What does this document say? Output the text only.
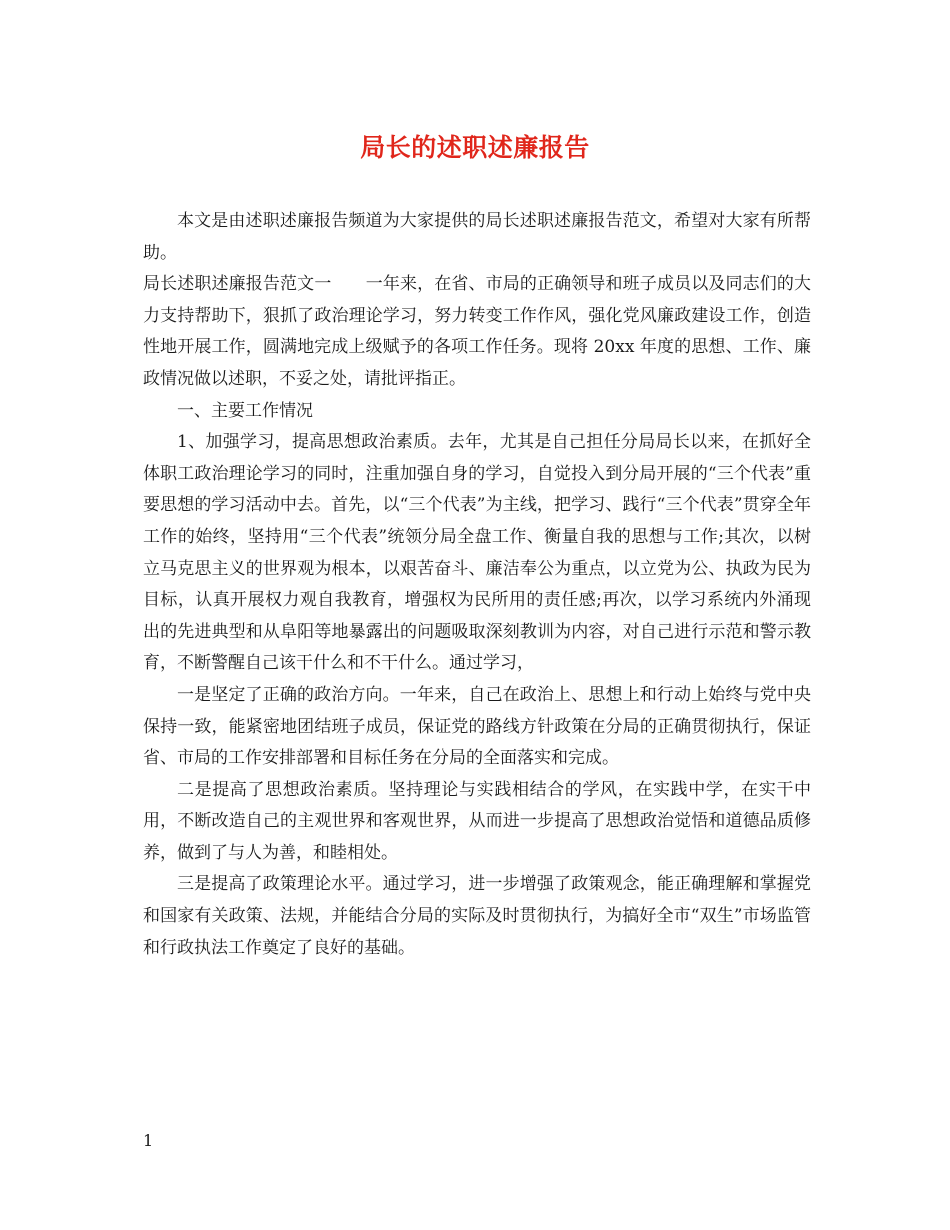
局长的述职述廉报告

本文是由述职述廉报告频道为大家提供的局长述职述廉报告范文，希望对大家有所帮助。

局长述职述廉报告范文一　　一年来，在省、市局的正确领导和班子成员以及同志们的大力支持帮助下，狠抓了政治理论学习，努力转变工作作风，强化党风廉政建设工作，创造性地开展工作，圆满地完成上级赋予的各项工作任务。现将 20xx 年度的思想、工作、廉政情况做以述职，不妥之处，请批评指正。

一、主要工作情况

1、加强学习，提高思想政治素质。去年，尤其是自己担任分局局长以来，在抓好全体职工政治理论学习的同时，注重加强自身的学习，自觉投入到分局开展的“三个代表”重要思想的学习活动中去。首先，以“三个代表”为主线，把学习、践行“三个代表”贯穿全年工作的始终，坚持用“三个代表”统领分局全盘工作、衡量自我的思想与工作;其次，以树立马克思主义的世界观为根本，以艰苦奋斗、廉洁奉公为重点，以立党为公、执政为民为目标，认真开展权力观自我教育，增强权为民所用的责任感;再次，以学习系统内外涌现出的先进典型和从阜阳等地暴露出的问题吸取深刻教训为内容，对自己进行示范和警示教育，不断警醒自己该干什么和不干什么。通过学习，

一是坚定了正确的政治方向。一年来，自己在政治上、思想上和行动上始终与党中央保持一致，能紧密地团结班子成员，保证党的路线方针政策在分局的正确贯彻执行，保证省、市局的工作安排部署和目标任务在分局的全面落实和完成。

二是提高了思想政治素质。坚持理论与实践相结合的学风，在实践中学，在实干中用，不断改造自己的主观世界和客观世界，从而进一步提高了思想政治觉悟和道德品质修养，做到了与人为善，和睦相处。

三是提高了政策理论水平。通过学习，进一步增强了政策观念，能正确理解和掌握党和国家有关政策、法规，并能结合分局的实际及时贯彻执行，为搞好全市“双生”市场监管和行政执法工作奠定了良好的基础。

1
